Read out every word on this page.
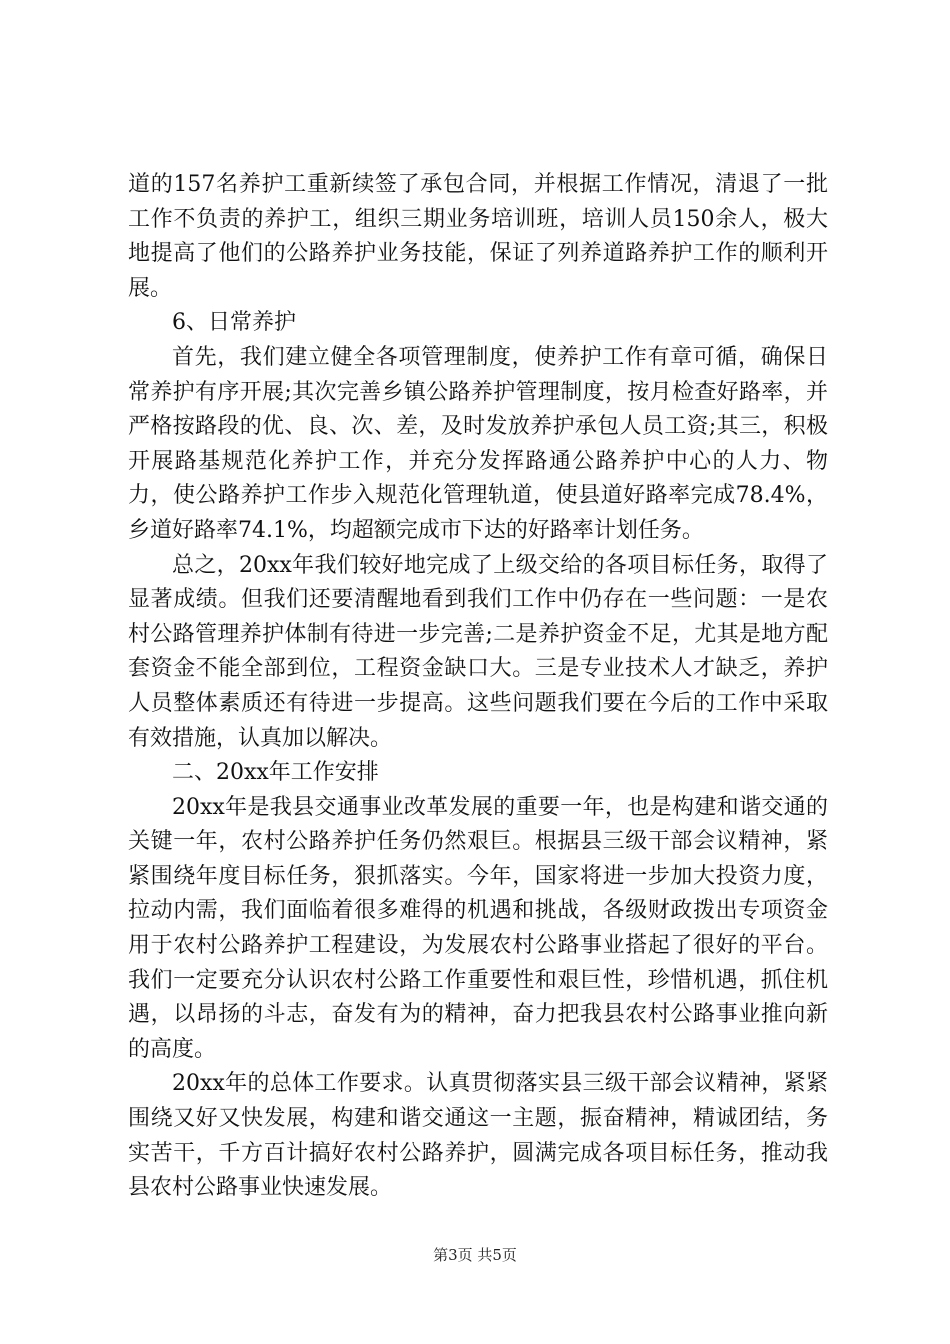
道的157名养护工重新续签了承包合同，并根据工作情况，清退了一批工作不负责的养护工，组织三期业务培训班，培训人员150余人，极大地提高了他们的公路养护业务技能，保证了列养道路养护工作的顺利开展。

6、日常养护

首先，我们建立健全各项管理制度，使养护工作有章可循，确保日常养护有序开展;其次完善乡镇公路养护管理制度，按月检查好路率，并严格按路段的优、良、次、差，及时发放养护承包人员工资;其三，积极开展路基规范化养护工作，并充分发挥路通公路养护中心的人力、物力，使公路养护工作步入规范化管理轨道，使县道好路率完成78.4%，乡道好路率74.1%，均超额完成市下达的好路率计划任务。

总之，20xx年我们较好地完成了上级交给的各项目标任务，取得了显著成绩。但我们还要清醒地看到我们工作中仍存在一些问题：一是农村公路管理养护体制有待进一步完善;二是养护资金不足，尤其是地方配套资金不能全部到位，工程资金缺口大。三是专业技术人才缺乏，养护人员整体素质还有待进一步提高。这些问题我们要在今后的工作中采取有效措施，认真加以解决。

二、20xx年工作安排

20xx年是我县交通事业改革发展的重要一年，也是构建和谐交通的关键一年，农村公路养护任务仍然艰巨。根据县三级干部会议精神，紧紧围绕年度目标任务，狠抓落实。今年，国家将进一步加大投资力度，拉动内需，我们面临着很多难得的机遇和挑战，各级财政拨出专项资金用于农村公路养护工程建设，为发展农村公路事业搭起了很好的平台。我们一定要充分认识农村公路工作重要性和艰巨性，珍惜机遇，抓住机遇，以昂扬的斗志，奋发有为的精神，奋力把我县农村公路事业推向新的高度。

20xx年的总体工作要求。认真贯彻落实县三级干部会议精神，紧紧围绕又好又快发展，构建和谐交通这一主题，振奋精神，精诚团结，务实苦干，千方百计搞好农村公路养护，圆满完成各项目标任务，推动我县农村公路事业快速发展。

第3页 共5页
